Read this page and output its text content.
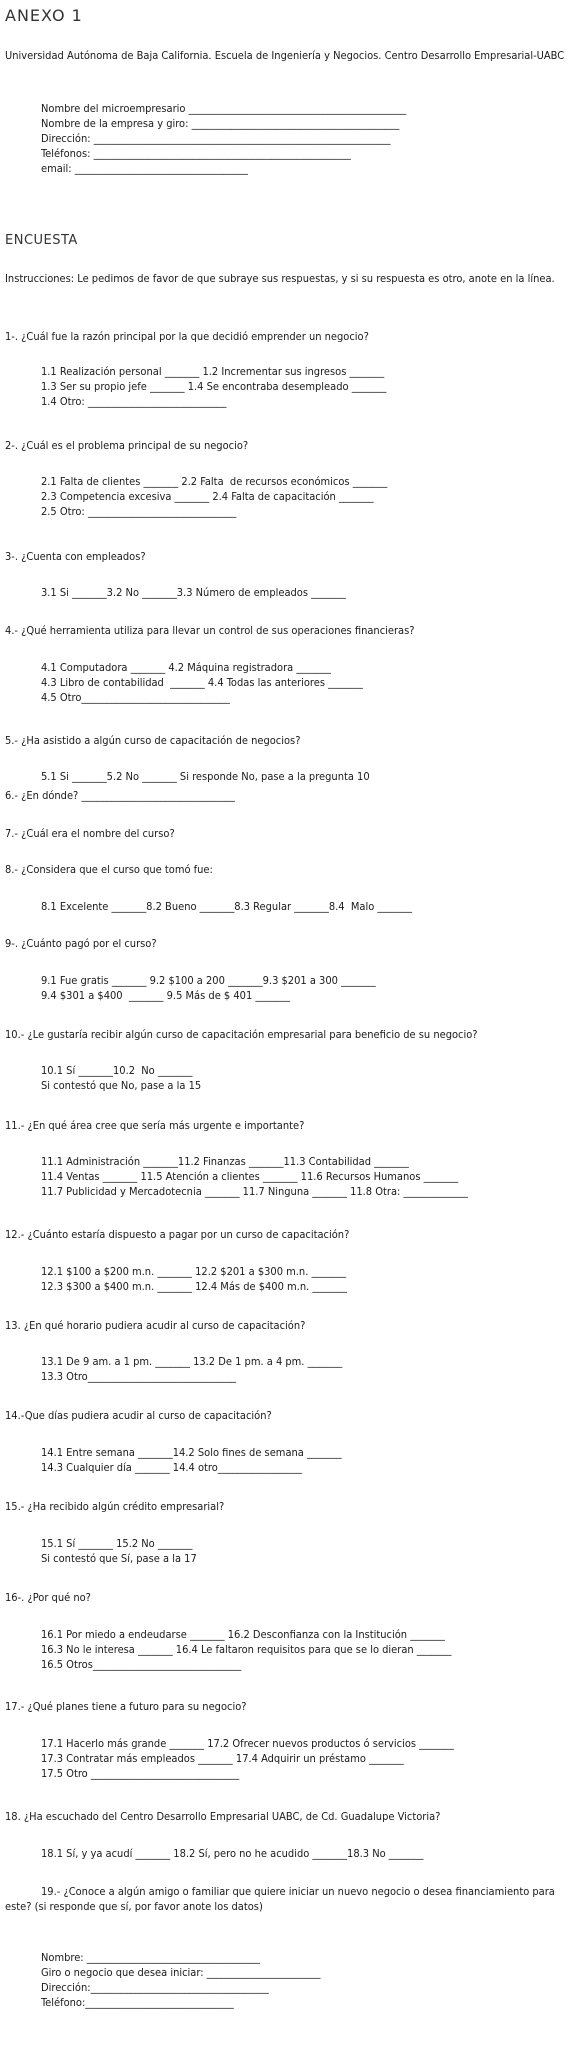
ANEXO 1
Universidad Autónoma de Baja California. Escuela de Ingeniería y Negocios. Centro Desarrollo Empresarial-UABC
Nombre del microempresario ____________________________________________
Nombre de la empresa y giro: __________________________________________
Dirección: ____________________________________________________________
Teléfonos: ____________________________________________________
email: ___________________________________
ENCUESTA
Instrucciones: Le pedimos de favor de que subraye sus respuestas, y si su respuesta es otro, anote en la línea.
1-. ¿Cuál fue la razón principal por la que decidió emprender un negocio?
1.1 Realización personal _______ 1.2 Incrementar sus ingresos _______
1.3 Ser su propio jefe _______ 1.4 Se encontraba desempleado _______
1.4 Otro: ____________________________
2-. ¿Cuál es el problema principal de su negocio?
2.1 Falta de clientes _______ 2.2 Falta  de recursos económicos _______
2.3 Competencia excesiva _______ 2.4 Falta de capacitación _______
2.5 Otro: ______________________________
3-. ¿Cuenta con empleados?
3.1 Si _______3.2 No _______3.3 Número de empleados _______
4.- ¿Qué herramienta utiliza para llevar un control de sus operaciones financieras?
4.1 Computadora _______ 4.2 Máquina registradora _______
4.3 Libro de contabilidad  _______ 4.4 Todas las anteriores _______
4.5 Otro______________________________
5.- ¿Ha asistido a algún curso de capacitación de negocios?
5.1 Si _______5.2 No _______ Si responde No, pase a la pregunta 10
6.- ¿En dónde? _______________________________
7.- ¿Cuál era el nombre del curso?
8.- ¿Considera que el curso que tomó fue:
8.1 Excelente _______8.2 Bueno _______8.3 Regular _______8.4  Malo _______
9-. ¿Cuánto pagó por el curso?
9.1 Fue gratis _______ 9.2 $100 a 200 _______9.3 $201 a 300 _______
9.4 $301 a $400  _______ 9.5 Más de $ 401 _______
10.- ¿Le gustaría recibir algún curso de capacitación empresarial para beneficio de su negocio?
10.1 Sí _______10.2  No _______
Si contestó que No, pase a la 15
11.- ¿En qué área cree que sería más urgente e importante?
11.1 Administración _______11.2 Finanzas _______11.3 Contabilidad _______
11.4 Ventas _______ 11.5 Atención a clientes _______ 11.6 Recursos Humanos _______
11.7 Publicidad y Mercadotecnia _______ 11.7 Ninguna _______ 11.8 Otra: _____________
12.- ¿Cuánto estaría dispuesto a pagar por un curso de capacitación?
12.1 $100 a $200 m.n. _______ 12.2 $201 a $300 m.n. _______
12.3 $300 a $400 m.n. _______ 12.4 Más de $400 m.n. _______
13. ¿En qué horario pudiera acudir al curso de capacitación?
13.1 De 9 am. a 1 pm. _______ 13.2 De 1 pm. a 4 pm. _______
13.3 Otro______________________________
14.-Que días pudiera acudir al curso de capacitación?
14.1 Entre semana _______14.2 Solo fines de semana _______
14.3 Cualquier día _______ 14.4 otro_________________
15.- ¿Ha recibido algún crédito empresarial?
15.1 Sí _______ 15.2 No _______
Si contestó que Sí, pase a la 17
16-. ¿Por qué no?
16.1 Por miedo a endeudarse _______ 16.2 Desconfianza con la Institución _______
16.3 No le interesa _______ 16.4 Le faltaron requisitos para que se lo dieran _______
16.5 Otros______________________________
17.- ¿Qué planes tiene a futuro para su negocio?
17.1 Hacerlo más grande _______ 17.2 Ofrecer nuevos productos ó servicios _______
17.3 Contratar más empleados _______ 17.4 Adquirir un préstamo _______
17.5 Otro ______________________________
18. ¿Ha escuchado del Centro Desarrollo Empresarial UABC, de Cd. Guadalupe Victoria?
18.1 Sí, y ya acudí _______ 18.2 Sí, pero no he acudido _______18.3 No _______
19.- ¿Conoce a algún amigo o familiar que quiere iniciar un nuevo negocio o desea financiamiento para este? (si responde que sí, por favor anote los datos)
Nombre: ___________________________________
Giro o negocio que desea iniciar: _______________________
Dirección:____________________________________
Teléfono:______________________________
